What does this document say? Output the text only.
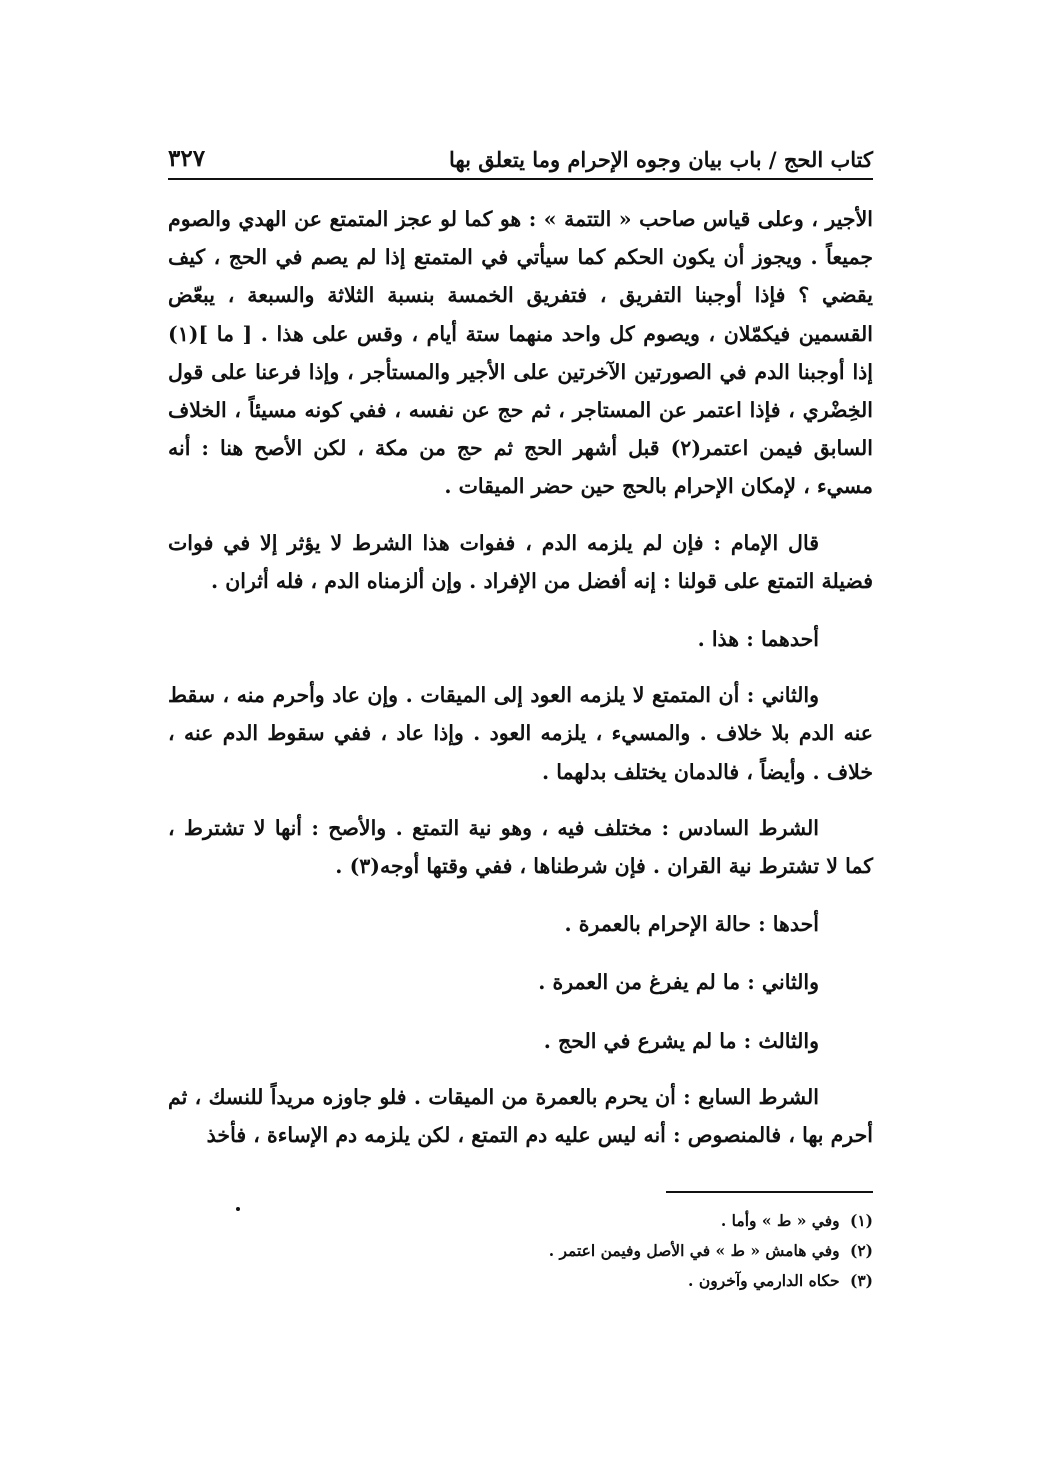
كتاب الحج / باب بيان وجوه الإحرام وما يتعلق بها
٣٢٧

الأجير ، وعلى قياس صاحب « التتمة » : هو كما لو عجز المتمتع عن الهدي والصوم جميعاً . ويجوز أن يكون الحكم كما سيأتي في المتمتع إذا لم يصم في الحج ، كيف يقضي ؟ فإذا أوجبنا التفريق ، فتفريق الخمسة بنسبة الثلاثة والسبعة ، يبعّض القسمين فيكمّلان ، ويصوم كل واحد منهما ستة أيام ، وقس على هذا . [ ما ](١) إذا أوجبنا الدم في الصورتين الآخرتين على الأجير والمستأجر ، وإذا فرعنا على قول الخِضْري ، فإذا اعتمر عن المستاجر ، ثم حج عن نفسه ، ففي كونه مسيئاً ، الخلاف السابق فيمن اعتمر(٢) قبل أشهر الحج ثم حج من مكة ، لكن الأصح هنا : أنه مسيء ، لإمكان الإحرام بالحج حين حضر الميقات .

قال الإمام : فإن لم يلزمه الدم ، ففوات هذا الشرط لا يؤثر إلا في فوات فضيلة التمتع على قولنا : إنه أفضل من الإفراد . وإن ألزمناه الدم ، فله أثران .

أحدهما : هذا .

والثاني : أن المتمتع لا يلزمه العود إلى الميقات . وإن عاد وأحرم منه ، سقط عنه الدم بلا خلاف . والمسيء ، يلزمه العود . وإذا عاد ، ففي سقوط الدم عنه ، خلاف . وأيضاً ، فالدمان يختلف بدلهما .

الشرط السادس : مختلف فيه ، وهو نية التمتع . والأصح : أنها لا تشترط ، كما لا تشترط نية القران . فإن شرطناها ، ففي وقتها أوجه(٣) .

أحدها : حالة الإحرام بالعمرة .

والثاني : ما لم يفرغ من العمرة .

والثالث : ما لم يشرع في الحج .

الشرط السابع : أن يحرم بالعمرة من الميقات . فلو جاوزه مريداً للنسك ، ثم أحرم بها ، فالمنصوص : أنه ليس عليه دم التمتع ، لكن يلزمه دم الإساءة ، فأخذ

(١) وفي « ط » وأما .

(٢) وفي هامش « ط » في الأصل وفيمن اعتمر .

(٣) حكاه الدارمي وآخرون .
